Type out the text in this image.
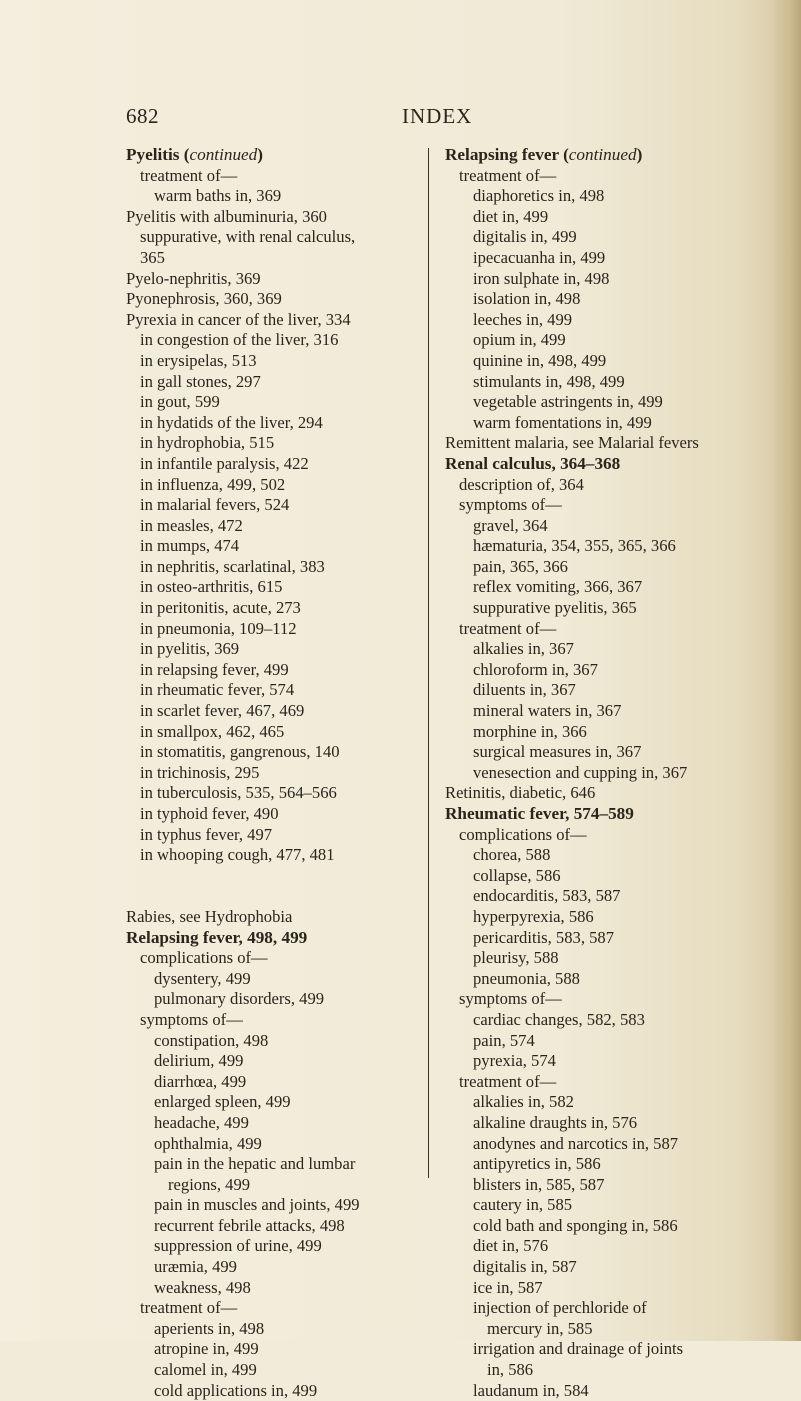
682	INDEX
Pyelitis (continued)
treatment of—
warm baths in, 369
Pyelitis with albuminuria, 360
suppurative, with renal calculus,
365
Pyelo-nephritis, 369
Pyonephrosis, 360, 369
Pyrexia in cancer of the liver, 334
in congestion of the liver, 316
in erysipelas, 513
in gall stones, 297
in gout, 599
in hydatids of the liver, 294
in hydrophobia, 515
in infantile paralysis, 422
in influenza, 499, 502
in malarial fevers, 524
in measles, 472
in mumps, 474
in nephritis, scarlatinal, 383
in osteo-arthritis, 615
in peritonitis, acute, 273
in pneumonia, 109–112
in pyelitis, 369
in relapsing fever, 499
in rheumatic fever, 574
in scarlet fever, 467, 469
in smallpox, 462, 465
in stomatitis, gangrenous, 140
in trichinosis, 295
in tuberculosis, 535, 564–566
in typhoid fever, 490
in typhus fever, 497
in whooping cough, 477, 481
Rabies, see Hydrophobia
Relapsing fever, 498, 499
complications of—
dysentery, 499
pulmonary disorders, 499
symptoms of—
constipation, 498
delirium, 499
diarrhœa, 499
enlarged spleen, 499
headache, 499
ophthalmia, 499
pain in the hepatic and lumbar
regions, 499
pain in muscles and joints, 499
recurrent febrile attacks, 498
suppression of urine, 499
uræmia, 499
weakness, 498
treatment of—
aperients in, 498
atropine in, 499
calomel in, 499
cold applications in, 499
Relapsing fever (continued)
treatment of—
diaphoretics in, 498
diet in, 499
digitalis in, 499
ipecacuanha in, 499
iron sulphate in, 498
isolation in, 498
leeches in, 499
opium in, 499
quinine in, 498, 499
stimulants in, 498, 499
vegetable astringents in, 499
warm fomentations in, 499
Remittent malaria, see Malarial fevers
Renal calculus, 364–368
description of, 364
symptoms of—
gravel, 364
hæmaturia, 354, 355, 365, 366
pain, 365, 366
reflex vomiting, 366, 367
suppurative pyelitis, 365
treatment of—
alkalies in, 367
chloroform in, 367
diluents in, 367
mineral waters in, 367
morphine in, 366
surgical measures in, 367
venesection and cupping in, 367
Retinitis, diabetic, 646
Rheumatic fever, 574–589
complications of—
chorea, 588
collapse, 586
endocarditis, 583, 587
hyperpyrexia, 586
pericarditis, 583, 587
pleurisy, 588
pneumonia, 588
symptoms of—
cardiac changes, 582, 583
pain, 574
pyrexia, 574
treatment of—
alkalies in, 582
alkaline draughts in, 576
anodynes and narcotics in, 587
antipyretics in, 586
blisters in, 585, 587
cautery in, 585
cold bath and sponging in, 586
diet in, 576
digitalis in, 587
ice in, 587
injection of perchloride of
mercury in, 585
irrigation and drainage of joints
in, 586
laudanum in, 584
